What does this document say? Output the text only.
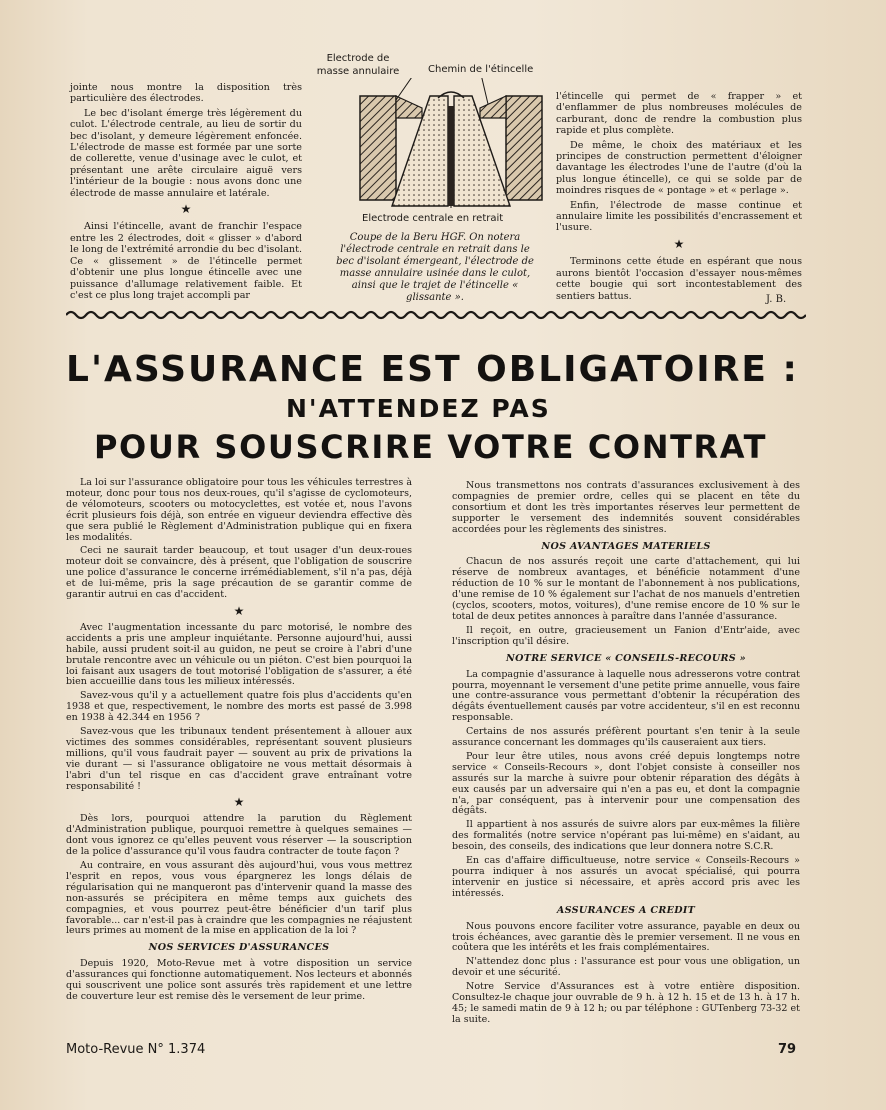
jointe nous montre la disposition très particulière des électrodes.

Le bec d'isolant émerge très légèrement du culot. L'électrode centrale, au lieu de sortir du bec d'isolant, y demeure légèrement enfoncée. L'électrode de masse est formée par une sorte de collerette, venue d'usinage avec le culot, et présentant une arête circulaire aiguë vers l'intérieur de la bougie : nous avons donc une électrode de masse annulaire et latérale.

★

Ainsi l'étincelle, avant de franchir l'espace entre les 2 électrodes, doit « glisser » d'abord le long de l'extrémité arrondie du bec d'isolant. Ce « glissement » de l'étincelle permet d'obtenir une plus longue étincelle avec une puissance d'allumage relativement faible. Et c'est ce plus long trajet accompli par

Electrode de
masse annulaire	Chemin de l'étincelle
Electrode centrale en retrait
Coupe de la Beru HGF. On notera l'électrode centrale en retrait dans le bec d'isolant émergeant, l'électrode de masse annulaire usinée dans le culot, ainsi que le trajet de l'étincelle « glissante ».

l'étincelle qui permet de « frapper » et d'enflammer de plus nombreuses molécules de carburant, donc de rendre la combustion plus rapide et plus complète.

De même, le choix des matériaux et les principes de construction permettent d'éloigner davantage les électrodes l'une de l'autre (d'où la plus longue étincelle), ce qui se solde par de moindres risques de « pontage » et « perlage ».

Enfin, l'électrode de masse continue et annulaire limite les possibilités d'encrassement et l'usure.

★

Terminons cette étude en espérant que nous aurons bientôt l'occasion d'essayer nous-mêmes cette bougie qui sort incontestablement des sentiers battus.	J. B.
L'ASSURANCE EST OBLIGATOIRE :
N'ATTENDEZ PAS
POUR SOUSCRIRE VOTRE CONTRAT

La loi sur l'assurance obligatoire pour tous les véhicules terrestres à moteur, donc pour tous nos deux-roues, qu'il s'agisse de cyclomoteurs, de vélomoteurs, scooters ou motocyclettes, est votée et, nous l'avons écrit plusieurs fois déjà, son entrée en vigueur deviendra effective dès que sera publié le Règlement d'Administration publique qui en fixera les modalités.

Ceci ne saurait tarder beaucoup, et tout usager d'un deux-roues moteur doit se convaincre, dès à présent, que l'obligation de souscrire une police d'assurance le concerne irrémédiablement, s'il n'a pas, déjà et de lui-même, pris la sage précaution de se garantir comme de garantir autrui en cas d'accident.

★

Avec l'augmentation incessante du parc motorisé, le nombre des accidents a pris une ampleur inquiétante. Personne aujourd'hui, aussi habile, aussi prudent soit-il au guidon, ne peut se croire à l'abri d'une brutale rencontre avec un véhicule ou un piéton. C'est bien pourquoi la loi faisant aux usagers de tout motorisé l'obligation de s'assurer, a été bien accueillie dans tous les milieux intéressés.

Savez-vous qu'il y a actuellement quatre fois plus d'accidents qu'en 1938 et que, respectivement, le nombre des morts est passé de 3.998 en 1938 à 42.344 en 1956 ?

Savez-vous que les tribunaux tendent présentement à allouer aux victimes des sommes considérables, représentant souvent plusieurs millions, qu'il vous faudrait payer — souvent au prix de privations la vie durant — si l'assurance obligatoire ne vous mettait désormais à l'abri d'un tel risque en cas d'accident grave entraînant votre responsabilité !

★

Dès lors, pourquoi attendre la parution du Règlement d'Administration publique, pourquoi remettre à quelques semaines — dont vous ignorez ce qu'elles peuvent vous réserver — la souscription de la police d'assurance qu'il vous faudra contracter de toute façon ?

Au contraire, en vous assurant dès aujourd'hui, vous vous mettrez l'esprit en repos, vous vous épargnerez les longs délais de régularisation qui ne manqueront pas d'intervenir quand la masse des non-assurés se précipitera en même temps aux guichets des compagnies, et vous pourrez peut-être bénéficier d'un tarif plus favorable... car n'est-il pas à craindre que les compagnies ne réajustent leurs primes au moment de la mise en application de la loi ?

NOS SERVICES D'ASSURANCES

Depuis 1920, Moto-Revue met à votre disposition un service d'assurances qui fonctionne automatiquement. Nos lecteurs et abonnés qui souscrivent une police sont assurés très rapidement et une lettre de couverture leur est remise dès le versement de leur prime.

Nous transmettons nos contrats d'assurances exclusivement à des compagnies de premier ordre, celles qui se placent en tête du consortium et dont les très importantes réserves leur permettent de supporter le versement des indemnités souvent considérables accordées pour les règlements des sinistres.

NOS AVANTAGES MATERIELS

Chacun de nos assurés reçoit une carte d'attachement, qui lui réserve de nombreux avantages, et bénéficie notamment d'une réduction de 10 % sur le montant de l'abonnement à nos publications, d'une remise de 10 % également sur l'achat de nos manuels d'entretien (cyclos, scooters, motos, voitures), d'une remise encore de 10 % sur le total de deux petites annonces à paraître dans l'année d'assurance.

Il reçoit, en outre, gracieusement un Fanion d'Entr'aide, avec l'inscription qu'il désire.

NOTRE SERVICE « CONSEILS-RECOURS »

La compagnie d'assurance à laquelle nous adresserons votre contrat pourra, moyennant le versement d'une petite prime annuelle, vous faire une contre-assurance vous permettant d'obtenir la récupération des dégâts éventuellement causés par votre accidenteur, s'il en est reconnu responsable.

Certains de nos assurés préfèrent pourtant s'en tenir à la seule assurance concernant les dommages qu'ils causeraient aux tiers.

Pour leur être utiles, nous avons créé depuis longtemps notre service « Conseils-Recours », dont l'objet consiste à conseiller nos assurés sur la marche à suivre pour obtenir réparation des dégâts à eux causés par un adversaire qui n'en a pas eu, et dont la compagnie n'a, par conséquent, pas à intervenir pour une compensation des dégâts.

Il appartient à nos assurés de suivre alors par eux-mêmes la filière des formalités (notre service n'opérant pas lui-même) en s'aidant, au besoin, des conseils, des indications que leur donnera notre S.C.R.

En cas d'affaire difficultueuse, notre service « Conseils-Recours » pourra indiquer à nos assurés un avocat spécialisé, qui pourra intervenir en justice si nécessaire, et après accord pris avec les intéressés.

ASSURANCES A CREDIT

Nous pouvons encore faciliter votre assurance, payable en deux ou trois échéances, avec garantie dès le premier versement. Il ne vous en coûtera que les intérêts et les frais complémentaires.

N'attendez donc plus : l'assurance est pour vous une obligation, un devoir et une sécurité.

Notre Service d'Assurances est à votre entière disposition. Consultez-le chaque jour ouvrable de 9 h. à 12 h. 15 et de 13 h. à 17 h. 45; le samedi matin de 9 à 12 h; ou par téléphone : GUTenberg 73-32 et la suite.

Moto-Revue N° 1.374	79
